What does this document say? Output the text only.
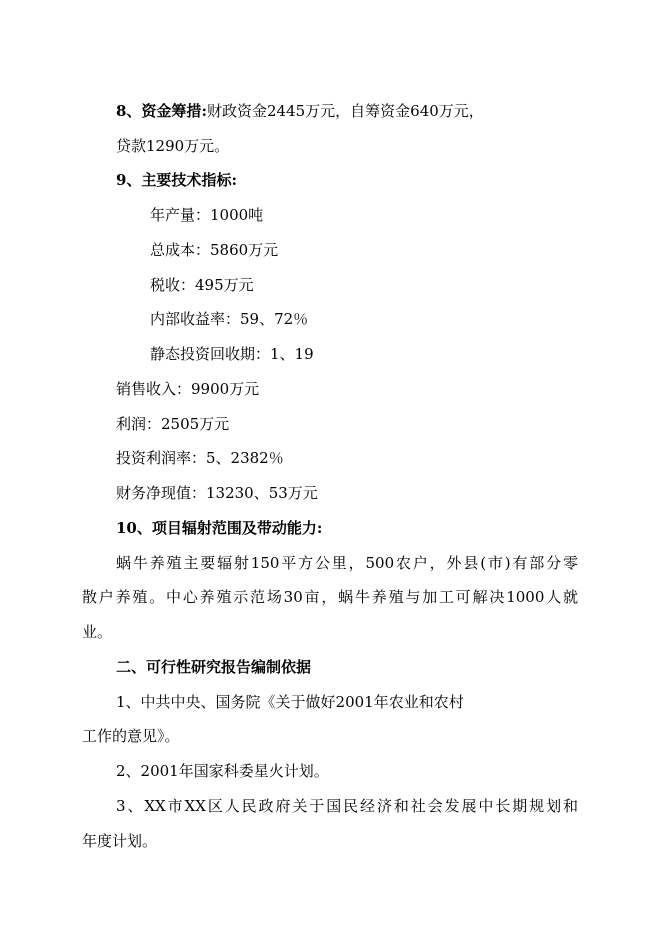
8、资金筹措:财政资金2445万元，自筹资金640万元，
贷款1290万元。
9、主要技术指标:
年产量：1000吨
总成本：5860万元
税收：495万元
内部收益率：59、72％
静态投资回收期：1、19
销售收入：9900万元
利润：2505万元
投资利润率：5、2382％
财务净现值：13230、53万元
10、项目辐射范围及带动能力:
蜗牛养殖主要辐射150平方公里，500农户，外县(市)有部分零
散户养殖。中心养殖示范场30亩，蜗牛养殖与加工可解决1000人就
业。
二、可行性研究报告编制依据
1、中共中央、国务院《关于做好2001年农业和农村
工作的意见》。
2、2001年国家科委星火计划。
3、XX市XX区人民政府关于国民经济和社会发展中长期规划和
年度计划。
